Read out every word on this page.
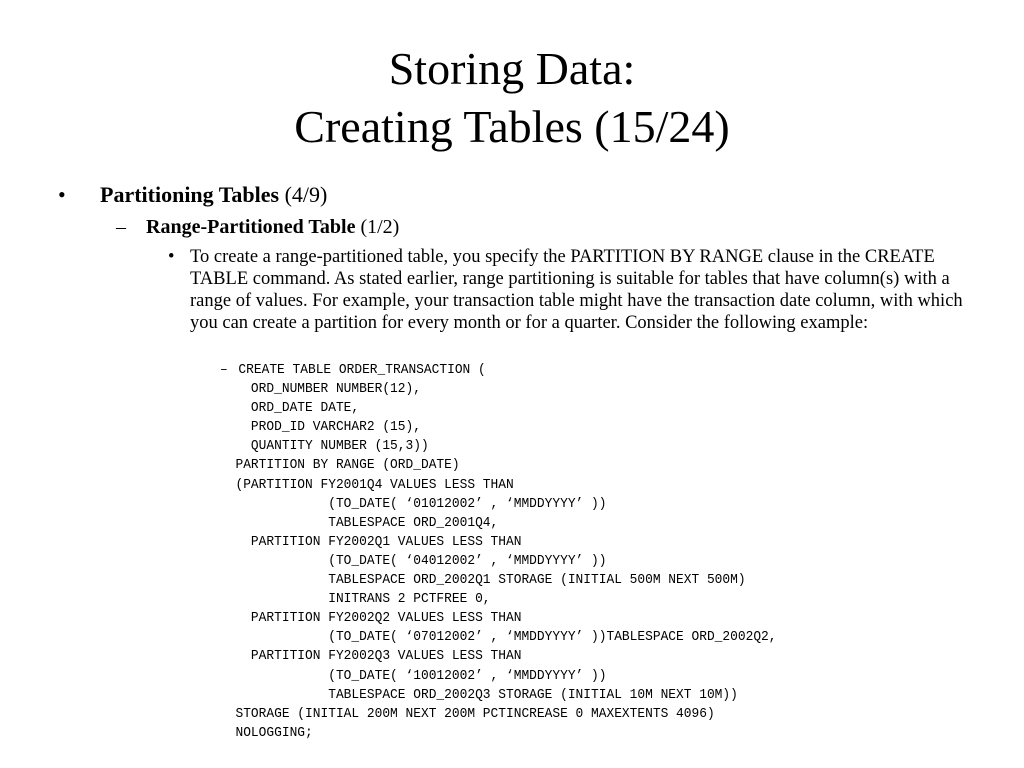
Storing Data:
Creating Tables (15/24)
• Partitioning Tables (4/9)
– Range-Partitioned Table (1/2)
• To create a range-partitioned table, you specify the PARTITION BY RANGE clause in the CREATE TABLE command. As stated earlier, range partitioning is suitable for tables that have column(s) with a range of values. For example, your transaction table might have the transaction date column, with which you can create a partition for every month or for a quarter. Consider the following example:
– CREATE TABLE ORDER_TRANSACTION (
ORD_NUMBER NUMBER(12),
ORD_DATE DATE,
PROD_ID VARCHAR2 (15),
QUANTITY NUMBER (15,3))
PARTITION BY RANGE (ORD_DATE)
(PARTITION FY2001Q4 VALUES LESS THAN
(TO_DATE( ‘01012002’ , ‘MMDDYYYY’ ))
TABLESPACE ORD_2001Q4,
PARTITION FY2002Q1 VALUES LESS THAN
(TO_DATE( ‘04012002’ , ‘MMDDYYYY’ ))
TABLESPACE ORD_2002Q1 STORAGE (INITIAL 500M NEXT 500M)
INITRANS 2 PCTFREE 0,
PARTITION FY2002Q2 VALUES LESS THAN
(TO_DATE( ‘07012002’ , ‘MMDDYYYY’ ))TABLESPACE ORD_2002Q2,
PARTITION FY2002Q3 VALUES LESS THAN
(TO_DATE( ‘10012002’ , ‘MMDDYYYY’ ))
TABLESPACE ORD_2002Q3 STORAGE (INITIAL 10M NEXT 10M))
STORAGE (INITIAL 200M NEXT 200M PCTINCREASE 0 MAXEXTENTS 4096)
NOLOGGING;
